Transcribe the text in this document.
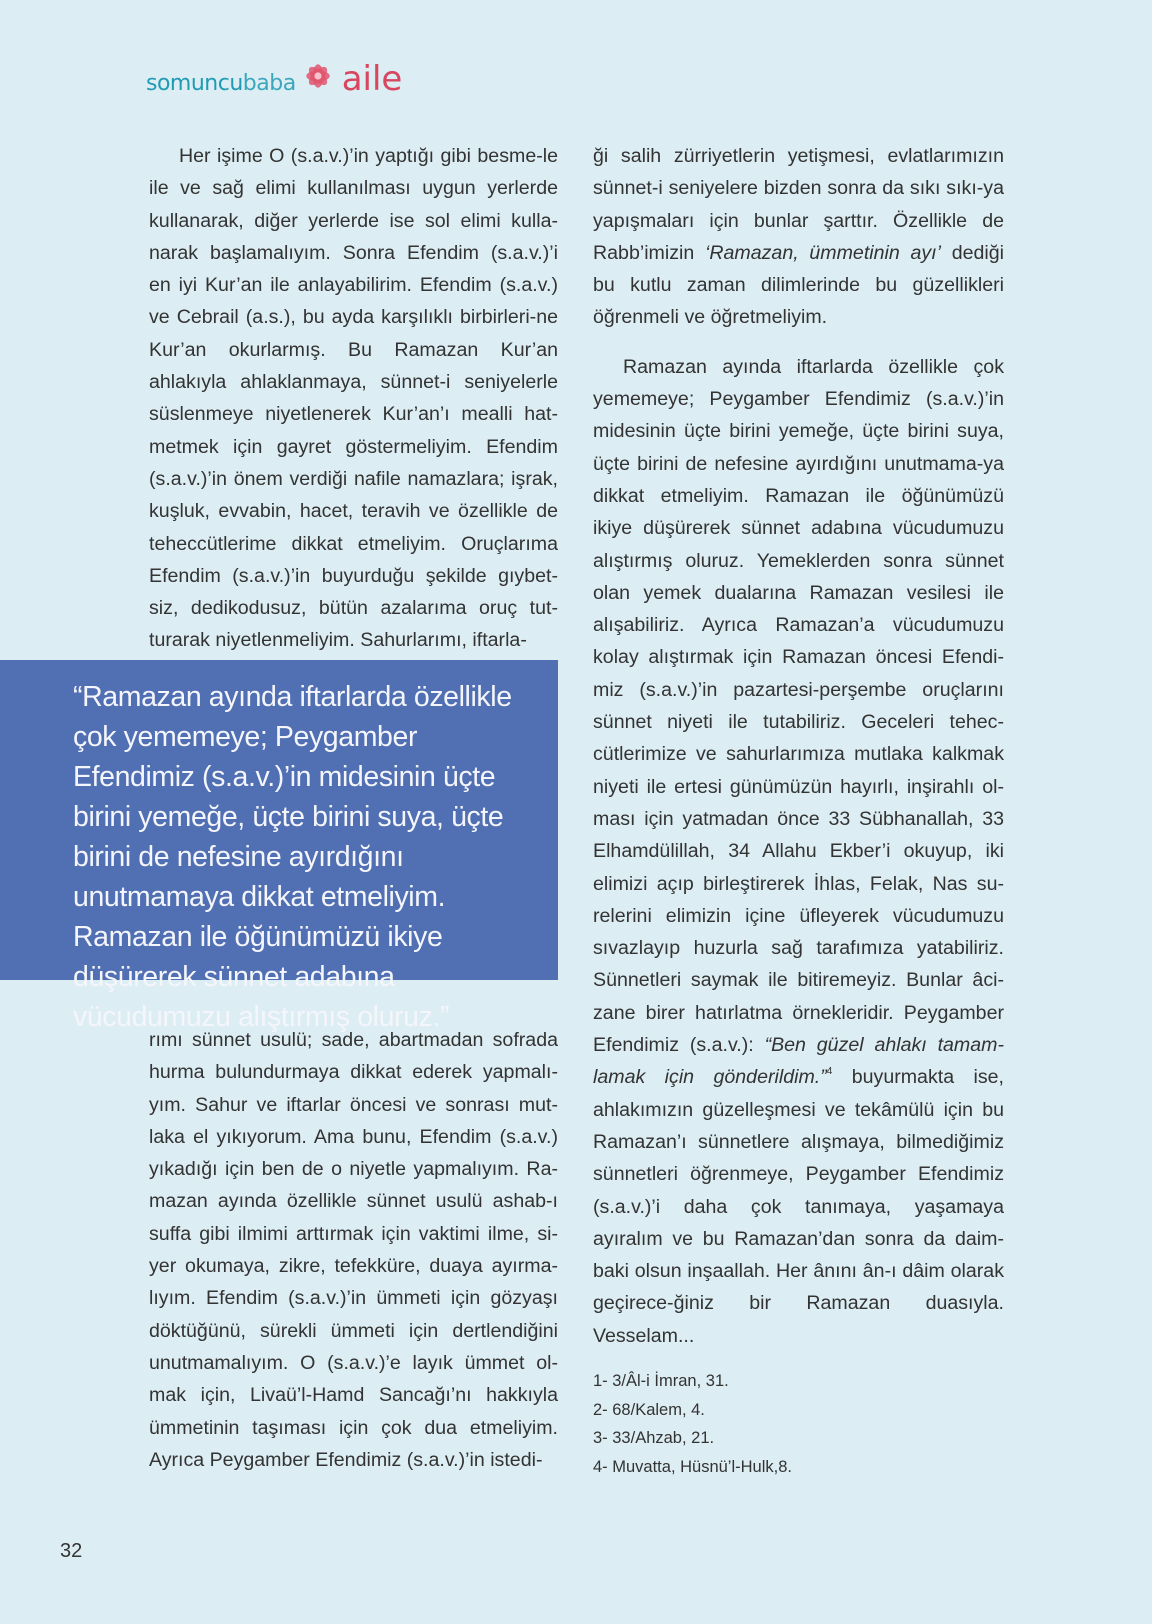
somuncu baba aile

Her işime O (s.a.v.)’in yaptığı gibi besme-le ile ve sağ elimi kullanılması uygun yerlerde kullanarak, diğer yerlerde ise sol elimi kulla-narak başlamalıyım. Sonra Efendim (s.a.v.)’i en iyi Kur’an ile anlayabilirim. Efendim (s.a.v.) ve Cebrail (a.s.), bu ayda karşılıklı birbirleri-ne Kur’an okurlarmış. Bu Ramazan Kur’an ahlakıyla ahlaklanmaya, sünnet-i seniyelerle süslenmeye niyetlenerek Kur’an’ı mealli hat-metmek için gayret göstermeliyim. Efendim (s.a.v.)’in önem verdiği nafile namazlara; işrak, kuşluk, evvabin, hacet, teravih ve özellikle de teheccütlerime dikkat etmeliyim. Oruçlarıma Efendim (s.a.v.)’in buyurduğu şekilde gıybet-siz, dedikodusuz, bütün azalarıma oruç tut-turarak niyetlenmeliyim. Sahurlarımı, iftarla-

“Ramazan ayında iftarlarda özellikle çok yememeye; Peygamber Efendimiz (s.a.v.)’in midesinin üçte birini yemeğe, üçte birini suya, üçte birini de nefesine ayırdığını unutmamaya dikkat etmeliyim. Ramazan ile öğünümüzü ikiye düşürerek sünnet adabına vücudumuzu alıştırmış oluruz.”

rımı sünnet usulü; sade, abartmadan sofrada hurma bulundurmaya dikkat ederek yapmalı-yım. Sahur ve iftarlar öncesi ve sonrası mut-laka el yıkıyorum. Ama bunu, Efendim (s.a.v.) yıkadığı için ben de o niyetle yapmalıyım. Ra-mazan ayında özellikle sünnet usulü ashab-ı suffa gibi ilmimi arttırmak için vaktimi ilme, si-yer okumaya, zikre, tefekküre, duaya ayırma-lıyım. Efendim (s.a.v.)’in ümmeti için gözyaşı döktüğünü, sürekli ümmeti için dertlendiğini unutmamalıyım. O (s.a.v.)’e layık ümmet ol-mak için, Livaü’l-Hamd Sancağı’nı hakkıyla ümmetinin taşıması için çok dua etmeliyim. Ayrıca Peygamber Efendimiz (s.a.v.)’in istedi-

ği salih zürriyetlerin yetişmesi, evlatlarımızın sünnet-i seniyelere bizden sonra da sıkı sıkı-ya yapışmaları için bunlar şarttır. Özellikle de Rabb’imizin ‘Ramazan, ümmetinin ayı’ dediği bu kutlu zaman dilimlerinde bu güzellikleri öğrenmeli ve öğretmeliyim.

Ramazan ayında iftarlarda özellikle çok yememeye; Peygamber Efendimiz (s.a.v.)’in midesinin üçte birini yemeğe, üçte birini suya, üçte birini de nefesine ayırdığını unutmama-ya dikkat etmeliyim. Ramazan ile öğünümüzü ikiye düşürerek sünnet adabına vücudumuzu alıştırmış oluruz. Yemeklerden sonra sünnet olan yemek dualarına Ramazan vesilesi ile alışabiliriz. Ayrıca Ramazan’a vücudumuzu kolay alıştırmak için Ramazan öncesi Efendi-miz (s.a.v.)’in pazartesi-perşembe oruçlarını sünnet niyeti ile tutabiliriz. Geceleri tehec-cütlerimize ve sahurlarımıza mutlaka kalkmak niyeti ile ertesi günümüzün hayırlı, inşirahlı ol-ması için yatmadan önce 33 Sübhanallah, 33 Elhamdülillah, 34 Allahu Ekber’i okuyup, iki elimizi açıp birleştirerek İhlas, Felak, Nas su-relerini elimizin içine üfleyerek vücudumuzu sıvazlayıp huzurla sağ tarafımıza yatabiliriz. Sünnetleri saymak ile bitiremeyiz. Bunlar âci-zane birer hatırlatma örnekleridir. Peygamber Efendimiz (s.a.v.): “Ben güzel ahlakı tamam-lamak için gönderildim.”$^4$ buyurmakta ise, ahlakımızın güzelleşmesi ve tekâmülü için bu Ramazan’ı sünnetlere alışmaya, bilmediğimiz sünnetleri öğrenmeye, Peygamber Efendimiz (s.a.v.)’i daha çok tanımaya, yaşamaya ayıralım ve bu Ramazan’dan sonra da daim-baki olsun inşaallah. Her ânını ân-ı dâim olarak geçirece-ğiniz bir Ramazan duasıyla. Vesselam...

1- 3/Âl-i İmran, 31.
2- 68/Kalem, 4.
3- 33/Ahzab, 21.
4- Muvatta, Hüsnü’l-Hulk,8.
32
